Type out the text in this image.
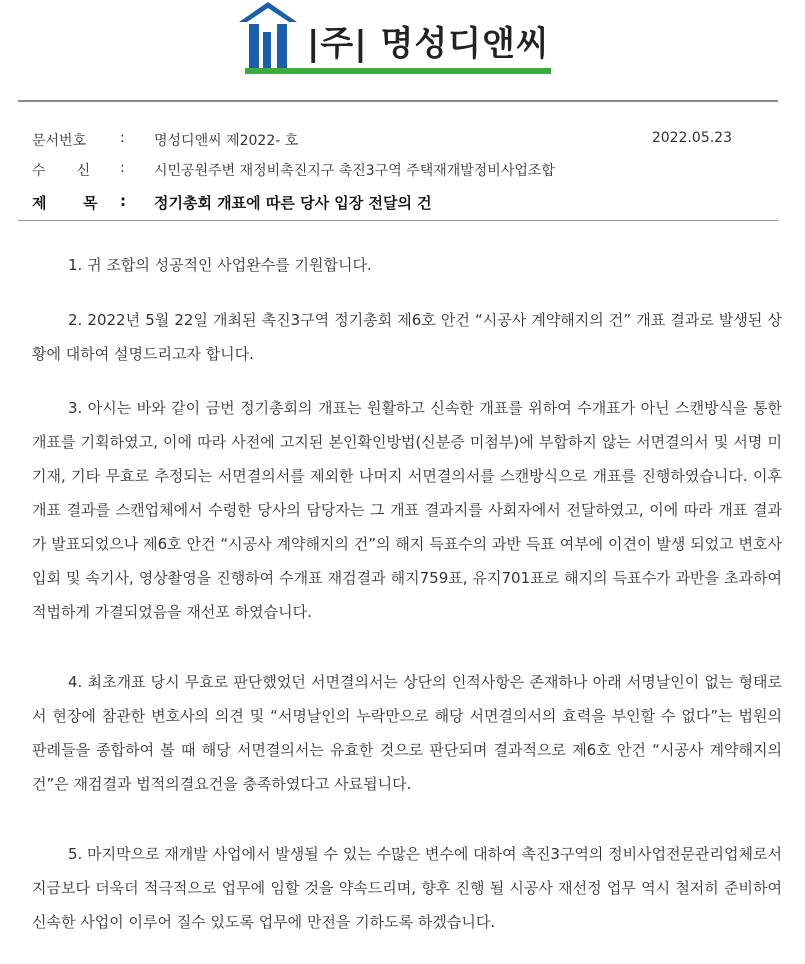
|주| 명성디앤씨
문서번호 : 명성디앤씨 제2022- 호	2022.05.23
수       신 : 시민공원주변 재정비촉진지구 촉진3구역 주택재개발정비사업조합
제       목 : 정기총회 개표에 따른 당사 입장 전달의 건

1. 귀 조합의 성공적인 사업완수를 기원합니다.

2. 2022년 5월 22일 개최된 촉진3구역 정기총회 제6호 안건 “시공사 계약해지의 건” 개표 결과로 발생된 상황에 대하여 설명드리고자 합니다.

3. 아시는 바와 같이 금번 정기총회의 개표는 원활하고 신속한 개표를 위하여 수개표가 아닌 스캔방식을 통한 개표를 기획하였고, 이에 따라 사전에 고지된 본인확인방법(신분증 미첨부)에 부합하지 않는 서면결의서 및 서명 미기재, 기타 무효로 추정되는 서면결의서를 제외한 나머지 서면결의서를 스캔방식으로 개표를 진행하였습니다. 이후 개표 결과를 스캔업체에서 수령한 당사의 담당자는 그 개표 결과지를 사회자에서 전달하였고, 이에 따라 개표 결과가 발표되었으나 제6호 안건 “시공사 계약해지의 건”의 해지 득표수의 과반 득표 여부에 이견이 발생 되었고 변호사 입회 및 속기사, 영상촬영을 진행하여 수개표 재검결과 해지759표, 유지701표로 해지의 득표수가 과반을 초과하여 적법하게 가결되었음을 재선포 하였습니다.

4. 최초개표 당시 무효로 판단했었던 서면결의서는 상단의 인적사항은 존재하나 아래 서명날인이 없는 형태로서 현장에 참관한 변호사의 의견 및 “서명날인의 누락만으로 해당 서면결의서의 효력을 부인할 수 없다”는 법원의 판례들을 종합하여 볼 때 해당 서면결의서는 유효한 것으로 판단되며 결과적으로 제6호 안건 “시공사 계약해지의 건”은 재검결과 법적의결요건을 충족하였다고 사료됩니다.

5. 마지막으로 재개발 사업에서 발생될 수 있는 수많은 변수에 대하여 촉진3구역의 정비사업전문관리업체로서 지금보다 더욱더 적극적으로 업무에 임할 것을 약속드리며, 향후 진행 될 시공사 재선정 업무 역시 철저히 준비하여 신속한 사업이 이루어 질수 있도록 업무에 만전을 기하도록 하겠습니다.
